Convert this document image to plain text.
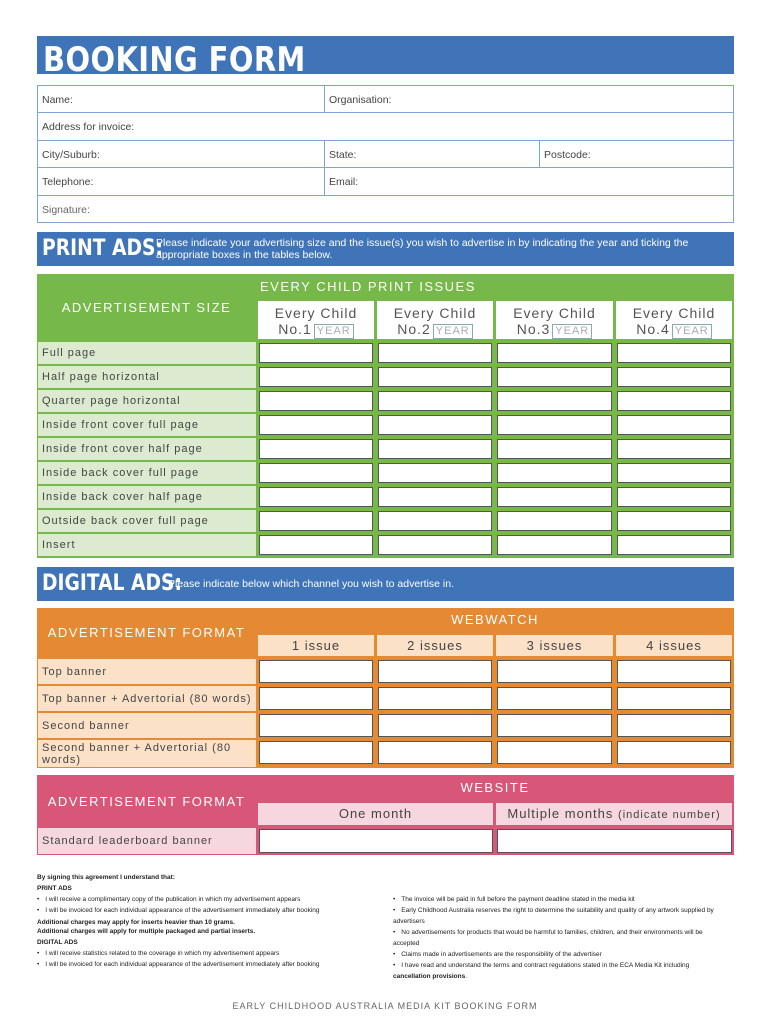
BOOKING FORM
Name:	Organisation:
Address for invoice:
City/Suburb:	State:	Postcode:
Telephone:	Email:
Signature:
PRINT ADS:
Please indicate your advertising size and the issue(s) you wish to advertise in by indicating the year and ticking the appropriate boxes in the tables below.
ADVERTISEMENT SIZE
EVERY CHILD PRINT ISSUES
Every Child
No.1 YEAR
Every Child
No.2 YEAR
Every Child
No.3 YEAR
Every Child
No.4 YEAR
Full page
Half page horizontal
Quarter page horizontal
Inside front cover full page
Inside front cover half page
Inside back cover full page
Inside back cover half page
Outside back cover full page
Insert
DIGITAL ADS:
Please indicate below which channel you wish to advertise in.
ADVERTISEMENT FORMAT
WEBWATCH
1 issue	2 issues	3 issues	4 issues
Top banner
Top banner + Advertorial (80 words)
Second banner
Second banner + Advertorial (80 words)
ADVERTISEMENT FORMAT
WEBSITE
One month	Multiple months (indicate number)
Standard leaderboard banner
By signing this agreement I understand that:
PRINT ADS
• I will receive a complimentary copy of the publication in which my advertisement appears
• I will be invoiced for each individual appearance of the advertisement immediately after booking
Additional charges may apply for inserts heavier than 10 grams.
Additional charges will apply for multiple packaged and partial inserts.
DIGITAL ADS
• I will receive statistics related to the coverage in which my advertisement appears
• I will be invoiced for each individual appearance of the advertisement immediately after booking
• The invoice will be paid in full before the payment deadline stated in the media kit
• Early Childhood Australia reserves the right to determine the suitability and quality of any artwork supplied by advertisers
• No advertisements for products that would be harmful to families, children, and their environments will be accepted
• Claims made in advertisements are the responsibility of the advertiser
• I have read and understand the terms and contract regulations stated in the ECA Media Kit including cancellation provisions.
EARLY CHILDHOOD AUSTRALIA MEDIA KIT BOOKING FORM
